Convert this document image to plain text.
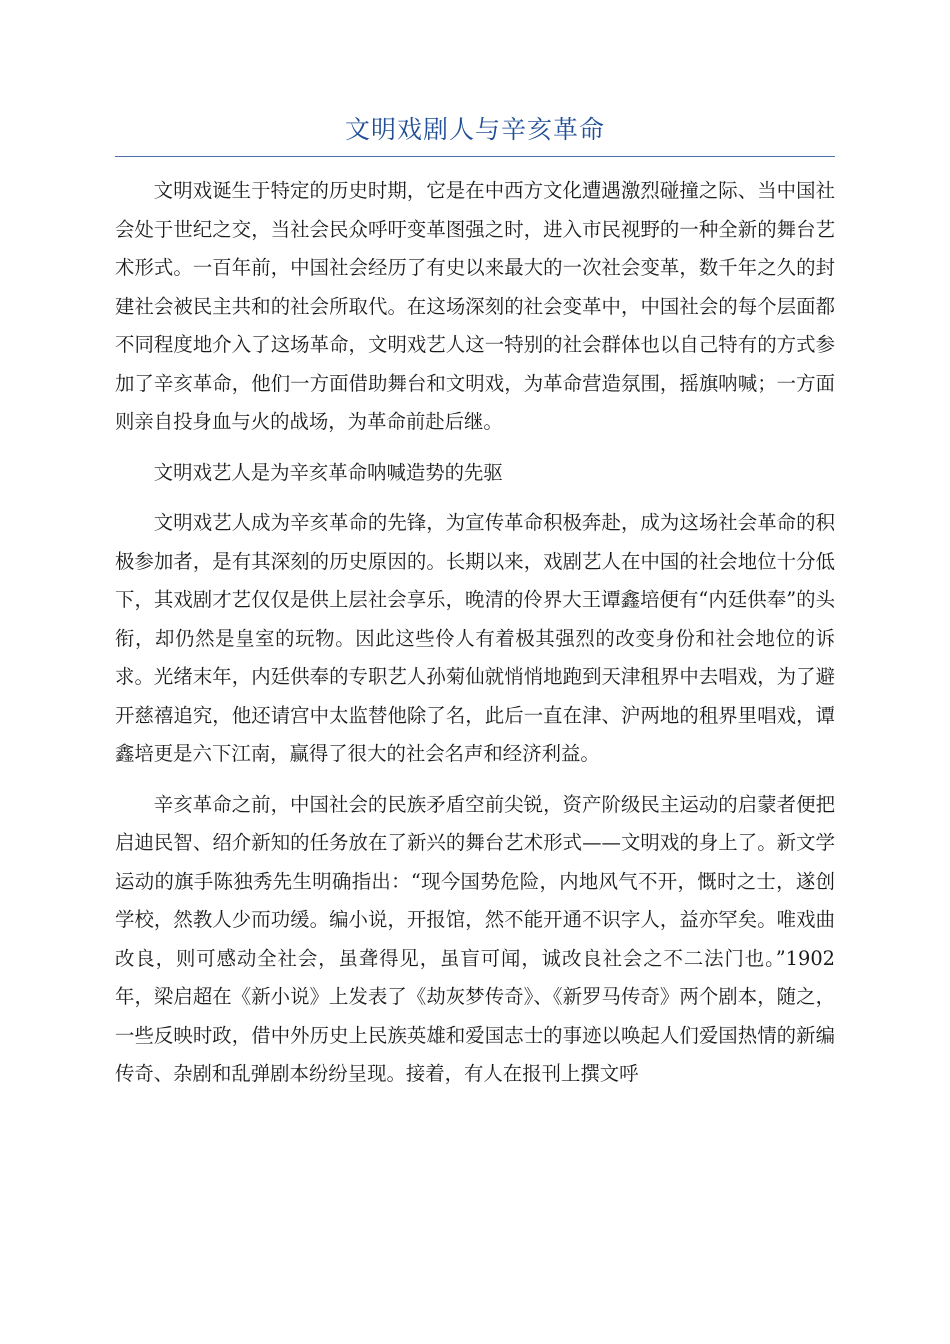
文明戏剧人与辛亥革命

文明戏诞生于特定的历史时期，它是在中西方文化遭遇激烈碰撞之际、当中国社会处于世纪之交，当社会民众呼吁变革图强之时，进入市民视野的一种全新的舞台艺术形式。一百年前，中国社会经历了有史以来最大的一次社会变革，数千年之久的封建社会被民主共和的社会所取代。在这场深刻的社会变革中，中国社会的每个层面都不同程度地介入了这场革命，文明戏艺人这一特别的社会群体也以自己特有的方式参加了辛亥革命，他们一方面借助舞台和文明戏，为革命营造氛围，摇旗呐喊；一方面则亲自投身血与火的战场，为革命前赴后继。

文明戏艺人是为辛亥革命呐喊造势的先驱

文明戏艺人成为辛亥革命的先锋，为宣传革命积极奔赴，成为这场社会革命的积极参加者，是有其深刻的历史原因的。长期以来，戏剧艺人在中国的社会地位十分低下，其戏剧才艺仅仅是供上层社会享乐，晚清的伶界大王谭鑫培便有“内廷供奉”的头衔，却仍然是皇室的玩物。因此这些伶人有着极其强烈的改变身份和社会地位的诉求。光绪末年，内廷供奉的专职艺人孙菊仙就悄悄地跑到天津租界中去唱戏，为了避开慈禧追究，他还请宫中太监替他除了名，此后一直在津、沪两地的租界里唱戏，谭鑫培更是六下江南，赢得了很大的社会名声和经济利益。

辛亥革命之前，中国社会的民族矛盾空前尖锐，资产阶级民主运动的启蒙者便把启迪民智、绍介新知的任务放在了新兴的舞台艺术形式——文明戏的身上了。新文学运动的旗手陈独秀先生明确指出：“现今国势危险，内地风气不开，慨时之士，遂创学校，然教人少而功缓。编小说，开报馆，然不能开通不识字人，益亦罕矣。唯戏曲改良，则可感动全社会，虽聋得见，虽盲可闻，诚改良社会之不二法门也。”1902年，梁启超在《新小说》上发表了《劫灰梦传奇》、《新罗马传奇》两个剧本，随之，一些反映时政，借中外历史上民族英雄和爱国志士的事迹以唤起人们爱国热情的新编传奇、杂剧和乱弹剧本纷纷呈现。接着，有人在报刊上撰文呼
